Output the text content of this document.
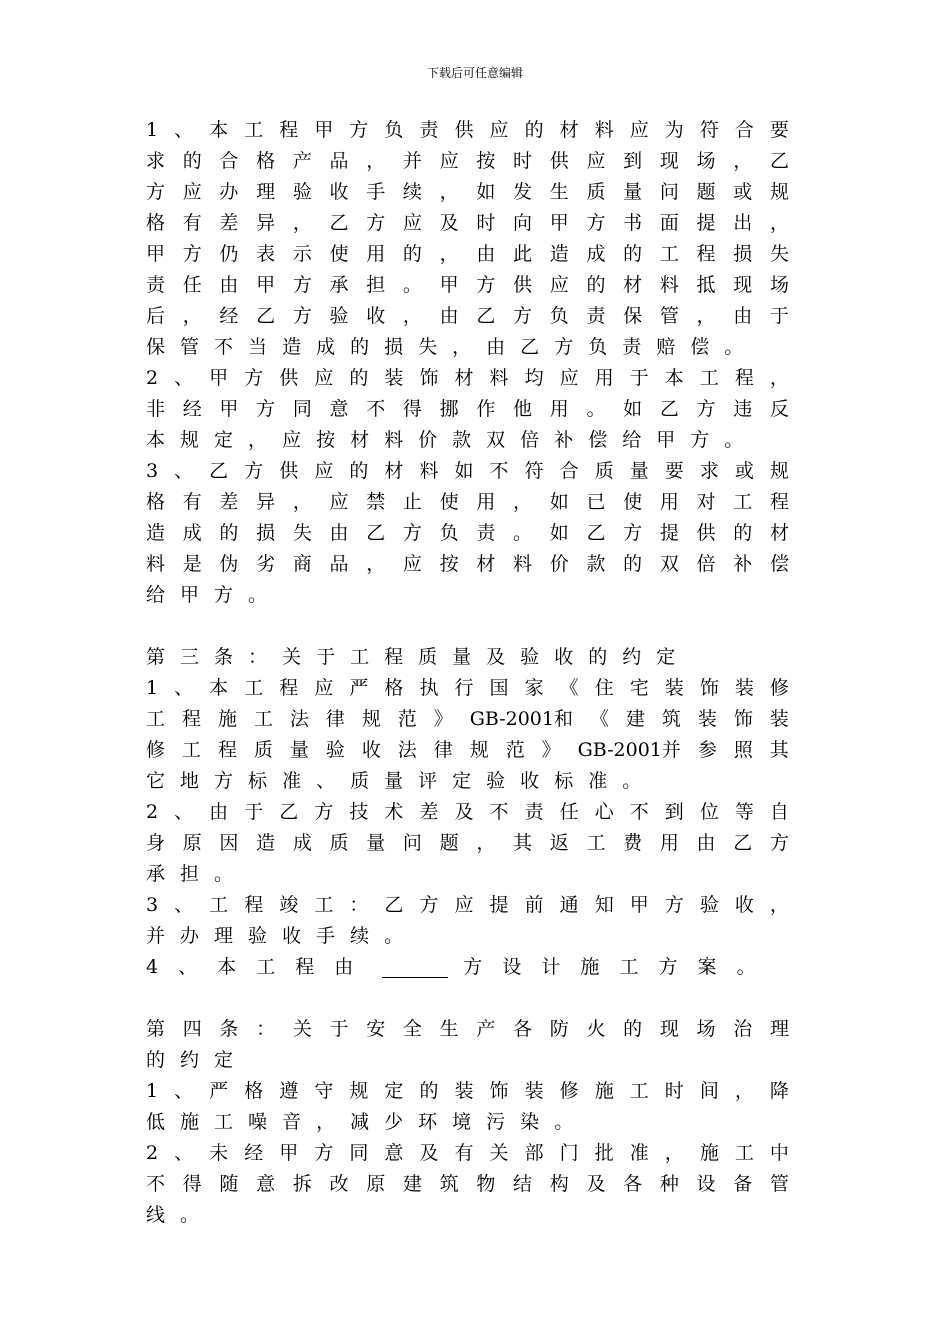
下载后可任意编辑
1 、 本 工 程 甲 方 负 责 供 应 的 材 料 应 为 符 合 要
求 的 合 格 产 品 ， 并 应 按 时 供 应 到 现 场 ， 乙
方 应 办 理 验 收 手 续 ， 如 发 生 质 量 问 题 或 规
格 有 差 异 ， 乙 方 应 及 时 向 甲 方 书 面 提 出 ，
甲 方 仍 表 示 使 用 的 ， 由 此 造 成 的 工 程 损 失
责 任 由 甲 方 承 担 。 甲 方 供 应 的 材 料 抵 现 场
后 ， 经 乙 方 验 收 ， 由 乙 方 负 责 保 管 ， 由 于
保 管 不 当 造 成 的 损 失 ， 由 乙 方 负 责 赔 偿 。
2 、 甲 方 供 应 的 装 饰 材 料 均 应 用 于 本 工 程 ，
非 经 甲 方 同 意 不 得 挪 作 他 用 。 如 乙 方 违 反
本 规 定 ， 应 按 材 料 价 款 双 倍 补 偿 给 甲 方 。
3 、 乙 方 供 应 的 材 料 如 不 符 合 质 量 要 求 或 规
格 有 差 异 ， 应 禁 止 使 用 ， 如 已 使 用 对 工 程
造 成 的 损 失 由 乙 方 负 责 。 如 乙 方 提 供 的 材
料 是 伪 劣 商 品 ， 应 按 材 料 价 款 的 双 倍 补 偿
给 甲 方 。
第 三 条 ： 关 于 工 程 质 量 及 验 收 的 约 定
1 、 本 工 程 应 严 格 执 行 国 家 《 住 宅 装 饰 装 修
工 程 施 工 法 律 规 范 》 GB-2001和 《 建 筑 装 饰 装
修 工 程 质 量 验 收 法 律 规 范 》 GB-2001并 参 照 其
它 地 方 标 准 、 质 量 评 定 验 收 标 准 。
2 、 由 于 乙 方 技 术 差 及 不 责 任 心 不 到 位 等 自
身 原 因 造 成 质 量 问 题 ， 其 返 工 费 用 由 乙 方
承 担 。
3 、 工 程 竣 工 ： 乙 方 应 提 前 通 知 甲 方 验 收 ，
并 办 理 验 收 手 续 。
4 、 本 工 程 由	方 设 计 施 工 方 案 。
第 四 条 ： 关 于 安 全 生 产 各 防 火 的 现 场 治 理
的 约 定
1 、 严 格 遵 守 规 定 的 装 饰 装 修 施 工 时 间 ， 降
低 施 工 噪 音 ， 减 少 环 境 污 染 。
2 、 未 经 甲 方 同 意 及 有 关 部 门 批 准 ， 施 工 中
不 得 随 意 拆 改 原 建 筑 物 结 构 及 各 种 设 备 管
线 。
